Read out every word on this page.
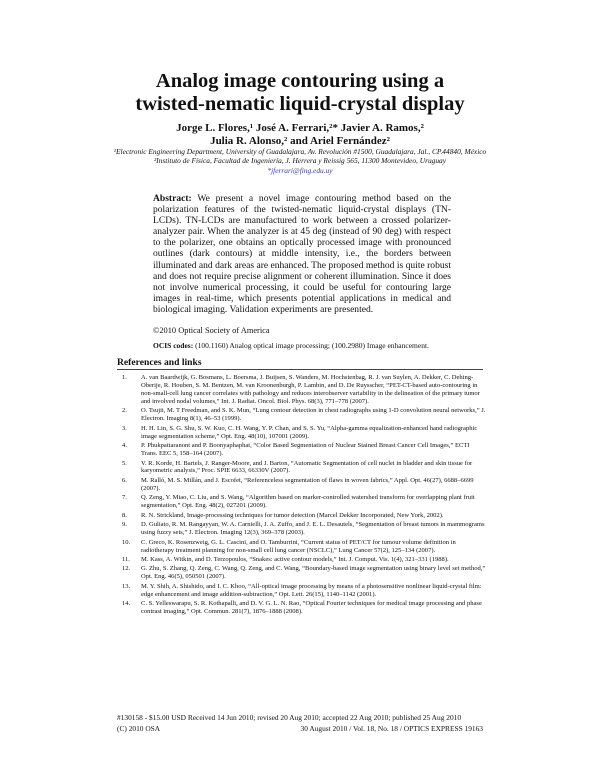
Analog image contouring using a
twisted-nematic liquid-crystal display
Jorge L. Flores,¹ José A. Ferrari,²* Javier A. Ramos,²
Julia R. Alonso,² and Ariel Fernández²

¹Electronic Engineering Department, University of Guadalajara, Av. Revolución #1500, Guadalajara, Jal., CP.44840, México

²Instituto de Física, Facultad de Ingeniería, J. Herrera y Reissig 565, 11300 Montevideo, Uruguay

*jferrari@fing.edu.uy

Abstract: We present a novel image contouring method based on the polarization features of the twisted-nematic liquid-crystal displays (TN-LCDs). TN-LCDs are manufactured to work between a crossed polarizer-analyzer pair. When the analyzer is at 45 deg (instead of 90 deg) with respect to the polarizer, one obtains an optically processed image with pronounced outlines (dark contours) at middle intensity, i.e., the borders between illuminated and dark areas are enhanced. The proposed method is quite robust and does not require precise alignment or coherent illumination. Since it does not involve numerical processing, it could be useful for contouring large images in real-time, which presents potential applications in medical and biological imaging. Validation experiments are presented.
©2010 Optical Society of America
OCIS codes: (100.1160) Analog optical image processing; (100.2980) Image enhancement.
References and links
1. A. van Baardwijk, G. Bosmans, L. Boersma, J. Buijsen, S. Wanders, M. Hochstenbag, R. J. van Suylen, A. Dekker, C. Dehing-Oberije, R. Houben, S. M. Bentzen, M. van Kroonenburgh, P. Lambin, and D. De Ruysscher, “PET-CT-based auto-contouring in non-small-cell lung cancer correlates with pathology and reduces interobserver variability in the delineation of the primary tumor and involved nodal volumes,” Int. J. Radiat. Oncol. Biol. Phys. 68(3), 771–778 (2007).
2. O. Tsujii, M. T Freedman, and S. K. Mun, “Lung contour detection in chest radiographs using 1-D convolution neural networks,” J. Electron. Imaging 8(1), 46–53 (1999).
3. H. H. Lin, S. G. Shu, S. W. Kuo, C. H. Wang, Y. P. Chan, and S. S. Yu, “Alpha-gamma equalization-enhanced hand radiographic image segmentation scheme,” Opt. Eng. 48(10), 107001 (2009).
4. P. Phukpattaranont and P. Boonyaphaphat, “Color Based Segmentation of Nuclear Stained Breast Cancer Cell Images,” ECTI Trans. EEC 5, 158–164 (2007).
5. V. R. Korde, H. Bartels, J. Ranger-Moore, and J. Barton, “Automatic Segmentation of cell nuclei in bladder and skin tissue for karyometric analysis,” Proc. SPIE 6633, 66330V (2007).
6. M. Ralló, M. S. Millán, and J. Escofet, “Referenceless segmentation of flaws in woven fabrics,” Appl. Opt. 46(27), 6688–6699 (2007).
7. Q. Zeng, Y. Miao, C. Liu, and S. Wang, “Algorithm based on marker-controlled watershed transform for overlapping plant fruit segmentation,” Opt. Eng. 48(2), 027201 (2009).
8. R. N. Strickland, Image-processing techniques for tumor detection (Marcel Dekker Incorporated, New York, 2002).
9. D. Guliato, R. M. Rangayyan, W. A. Carnielli, J. A. Zuffo, and J. E. L. Desautels, “Segmentation of breast tumors in mammograms using fuzzy sets,” J. Electron. Imaging 12(3), 369–378 (2003).
10. C. Greco, K. Rosenzweig, G. L. Cascini, and O. Tamburrini, “Current status of PET/CT for tumour volume definition in radiotherapy treatment planning for non-small cell lung cancer (NSCLC),” Lung Cancer 57(2), 125–134 (2007).
11. M. Kass, A. Witkin, and D. Terzopoulos, “Snakes: active contour models,” Int. J. Comput. Vis. 1(4), 321–331 (1988).
12. G. Zhu, S. Zhang, Q. Zeng, C. Wang, Q. Zeng, and C. Wang, “Boundary-based image segmentation using binary level set method,” Opt. Eng. 46(5), 050501 (2007).
13. M. Y. Shih, A. Shishido, and I. C. Khoo, “All-optical image processing by means of a photosensitive nonlinear liquid-crystal film: edge enhancement and image addition-subtraction,” Opt. Lett. 26(15), 1140–1142 (2001).
14. C. S. Yelleswarapu, S. R. Kothapalli, and D. V. G. L. N. Rao, “Optical Fourier techniques for medical image processing and phase contrast imaging,” Opt. Commun. 281(7), 1876–1888 (2008).
#130158 - $15.00 USD Received 14 Jun 2010; revised 20 Aug 2010; accepted 22 Aug 2010; published 25 Aug 2010
(C) 2010 OSA	30 August 2010 / Vol. 18, No. 18 / OPTICS EXPRESS 19163
